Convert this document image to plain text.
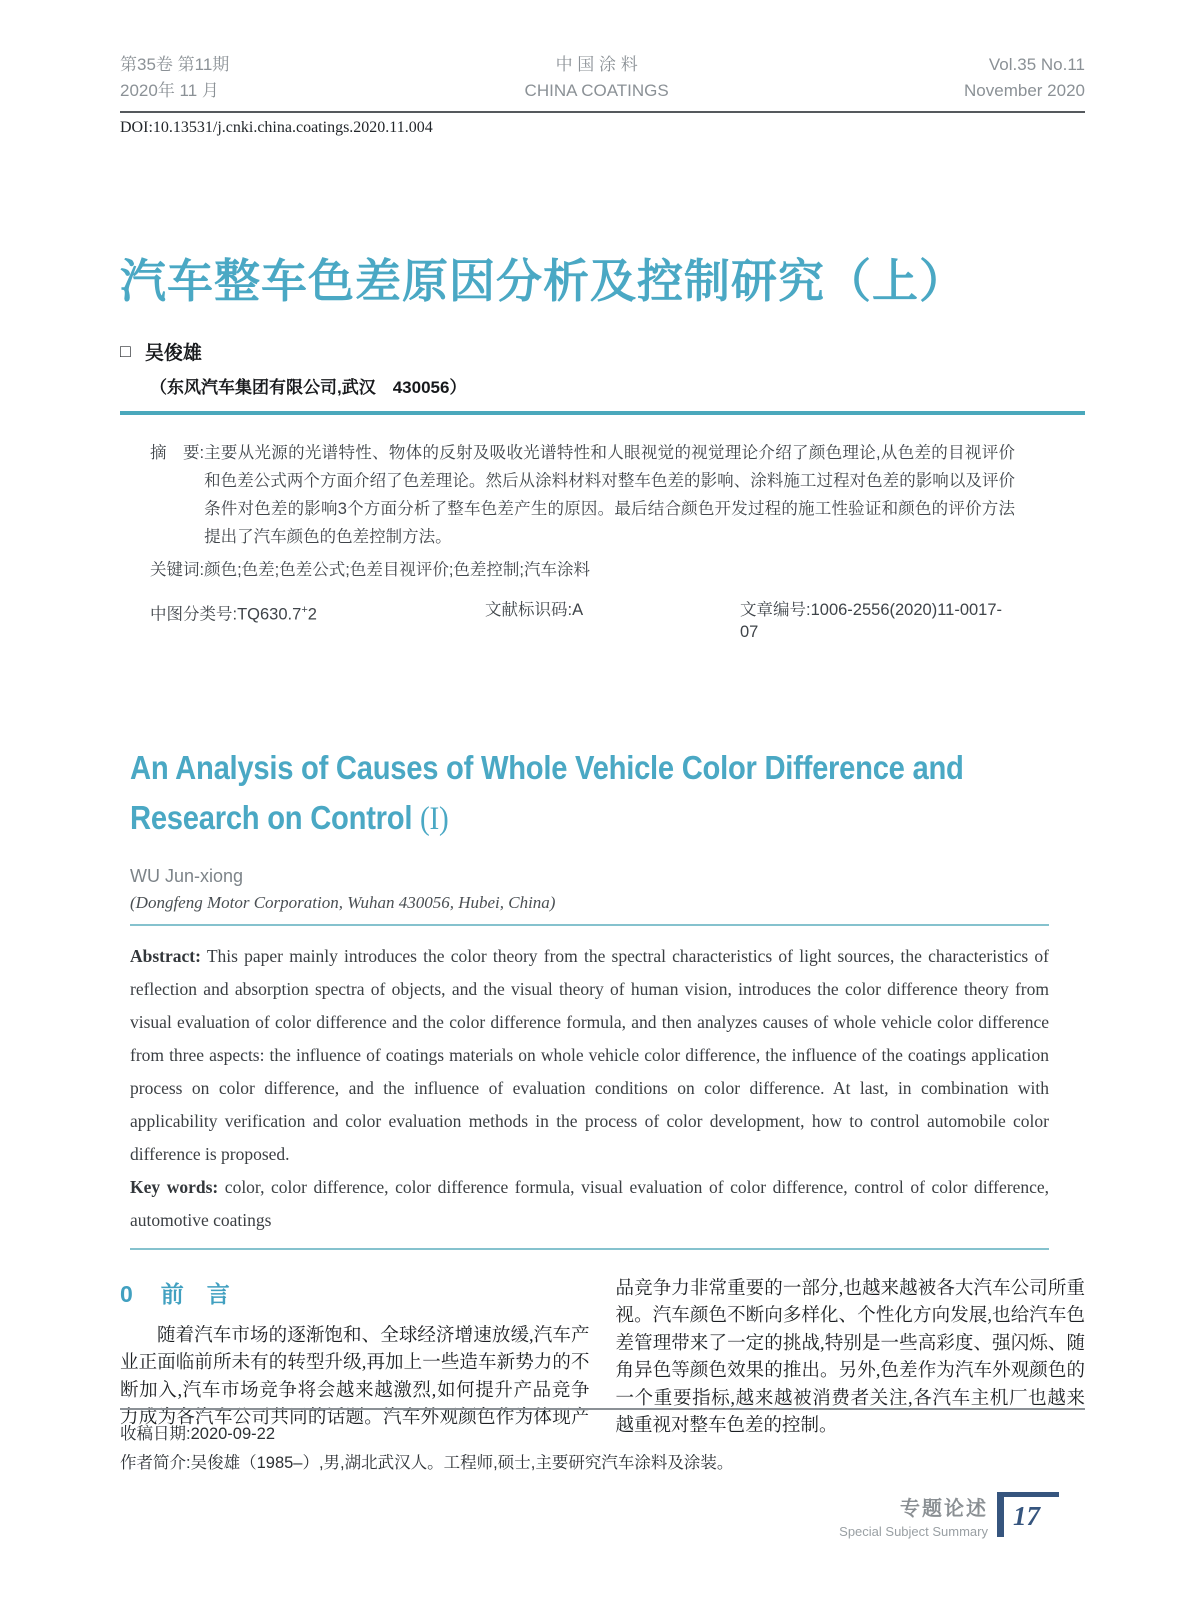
第35卷 第11期
2020年 11 月
中 国 涂 料
CHINA COATINGS
Vol.35 No.11
November 2020
DOI:10.13531/j.cnki.china.coatings.2020.11.004
汽车整车色差原因分析及控制研究（上）
□ 吴俊雄
（东风汽车集团有限公司,武汉　430056）
摘　要: 主要从光源的光谱特性、物体的反射及吸收光谱特性和人眼视觉的视觉理论介绍了颜色理论,从色差的目视评价和色差公式两个方面介绍了色差理论。然后从涂料材料对整车色差的影响、涂料施工过程对色差的影响以及评价条件对色差的影响3个方面分析了整车色差产生的原因。最后结合颜色开发过程的施工性验证和颜色的评价方法提出了汽车颜色的色差控制方法。
关键词:颜色;色差;色差公式;色差目视评价;色差控制;汽车涂料
中图分类号:TQ630.7+2	文献标识码:A	文章编号:1006-2556(2020)11-0017-07
An Analysis of Causes of Whole Vehicle Color Difference and Research on Control (I)
WU Jun-xiong
(Dongfeng Motor Corporation, Wuhan 430056, Hubei, China)

Abstract: This paper mainly introduces the color theory from the spectral characteristics of light sources, the characteristics of reflection and absorption spectra of objects, and the visual theory of human vision, introduces the color difference theory from visual evaluation of color difference and the color difference formula, and then analyzes causes of whole vehicle color difference from three aspects: the influence of coatings materials on whole vehicle color difference, the influence of the coatings application process on color difference, and the influence of evaluation conditions on color difference. At last, in combination with applicability verification and color evaluation methods in the process of color development, how to control automobile color difference is proposed.

Key words: color, color difference, color difference formula, visual evaluation of color difference, control of color difference, automotive coatings

0 前　言

随着汽车市场的逐渐饱和、全球经济增速放缓,汽车产业正面临前所未有的转型升级,再加上一些造车新势力的不断加入,汽车市场竞争将会越来越激烈,如何提升产品竞争力成为各汽车公司共同的话题。汽车外观颜色作为体现产品竞争力非常重要的一部分,也越来越被各大汽车公司所重视。汽车颜色不断向多样化、个性化方向发展,也给汽车色差管理带来了一定的挑战,特别是一些高彩度、强闪烁、随角异色等颜色效果的推出。另外,色差作为汽车外观颜色的一个重要指标,越来越被消费者关注,各汽车主机厂也越来越重视对整车色差的控制。

收稿日期:2020-09-22
作者简介:吴俊雄（1985–）,男,湖北武汉人。工程师,硕士,主要研究汽车涂料及涂装。
专题论述
Special Subject Summary
17
